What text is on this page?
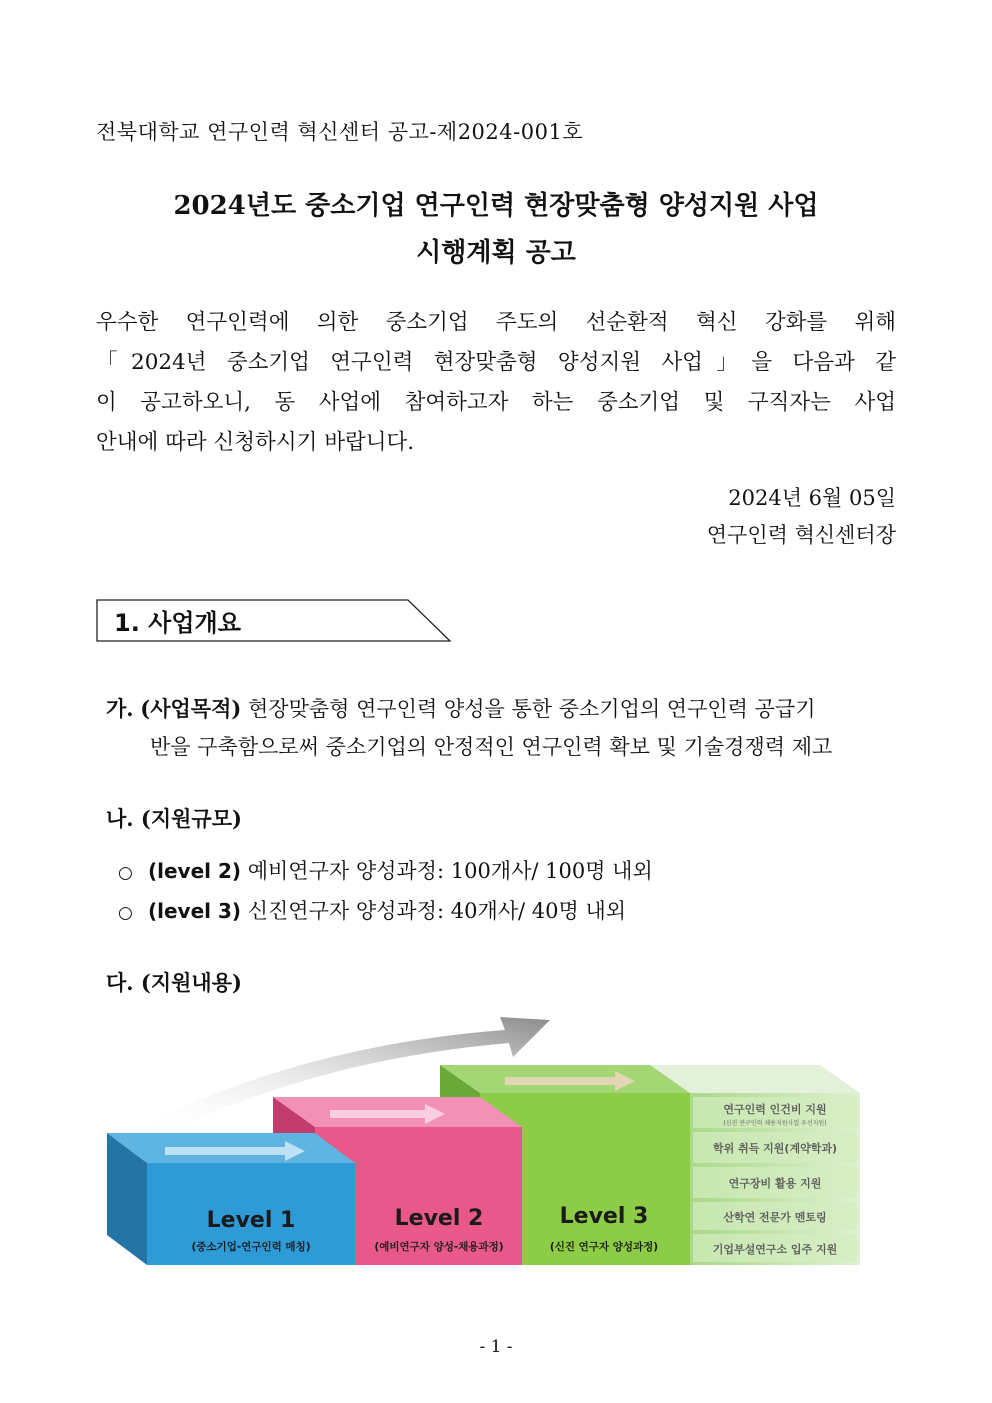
전북대학교 연구인력 혁신센터 공고-제2024-001호
2024년도 중소기업 연구인력 현장맞춤형 양성지원 사업
시행계획 공고
우수한 연구인력에 의한 중소기업 주도의 선순환적 혁신 강화를 위해
「2024년 중소기업 연구인력 현장맞춤형 양성지원 사업」을 다음과 같
이 공고하오니, 동 사업에 참여하고자 하는 중소기업 및 구직자는 사업
안내에 따라 신청하시기 바랍니다.
2024년 6월 05일
연구인력 혁신센터장
1. 사업개요
가. (사업목적) 현장맞춤형 연구인력 양성을 통한 중소기업의 연구인력 공급기
반을 구축함으로써 중소기업의 안정적인 연구인력 확보 및 기술경쟁력 제고
나. (지원규모)
○ (level 2) 예비연구자 양성과정: 100개사/ 100명 내외
○ (level 3) 신진연구자 양성과정: 40개사/ 40명 내외
다. (지원내용)
Level 1
(중소기업-연구인력 매칭)
Level 2
(예비연구자 양성-채용과정)
Level 3
(신진 연구자 양성과정)
연구인력 인건비 지원
(신진 연구인력 채용지원사업 우선지원)
학위 취득 지원(계약학과)
연구장비 활용 지원
산학연 전문가 멘토링
기업부설연구소 입주 지원
- 1 -
